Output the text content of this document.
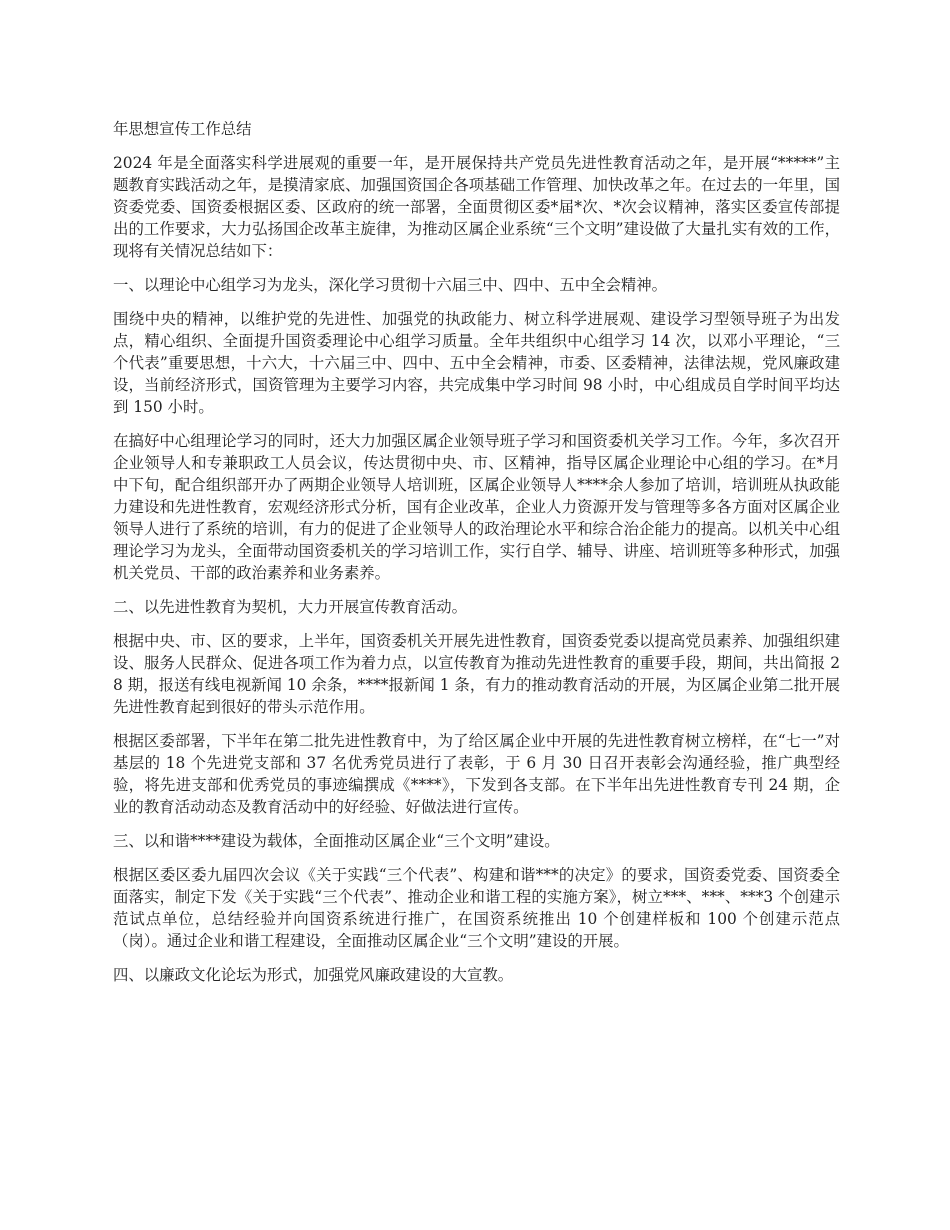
年思想宣传工作总结
2024 年是全面落实科学进展观的重要一年，是开展保持共产党员先进性教育活动之年，是开展“*****”主题教育实践活动之年，是摸清家底、加强国资国企各项基础工作管理、加快改革之年。在过去的一年里，国资委党委、国资委根据区委、区政府的统一部署，全面贯彻区委*届*次、*次会议精神，落实区委宣传部提出的工作要求，大力弘扬国企改革主旋律，为推动区属企业系统“三个文明”建设做了大量扎实有效的工作，现将有关情况总结如下：
一、以理论中心组学习为龙头，深化学习贯彻十六届三中、四中、五中全会精神。
围绕中央的精神，以维护党的先进性、加强党的执政能力、树立科学进展观、建设学习型领导班子为出发点，精心组织、全面提升国资委理论中心组学习质量。全年共组织中心组学习 14 次，以邓小平理论，“三个代表”重要思想，十六大，十六届三中、四中、五中全会精神，市委、区委精神，法律法规，党风廉政建设，当前经济形式，国资管理为主要学习内容，共完成集中学习时间 98 小时，中心组成员自学时间平均达到 150 小时。
在搞好中心组理论学习的同时，还大力加强区属企业领导班子学习和国资委机关学习工作。今年，多次召开企业领导人和专兼职政工人员会议，传达贯彻中央、市、区精神，指导区属企业理论中心组的学习。在*月中下旬，配合组织部开办了两期企业领导人培训班，区属企业领导人****余人参加了培训，培训班从执政能力建设和先进性教育，宏观经济形式分析，国有企业改革，企业人力资源开发与管理等多各方面对区属企业领导人进行了系统的培训，有力的促进了企业领导人的政治理论水平和综合治企能力的提高。以机关中心组理论学习为龙头，全面带动国资委机关的学习培训工作，实行自学、辅导、讲座、培训班等多种形式，加强机关党员、干部的政治素养和业务素养。
二、以先进性教育为契机，大力开展宣传教育活动。
根据中央、市、区的要求，上半年，国资委机关开展先进性教育，国资委党委以提高党员素养、加强组织建设、服务人民群众、促进各项工作为着力点，以宣传教育为推动先进性教育的重要手段，期间，共出简报 28 期，报送有线电视新闻 10 余条，****报新闻 1 条，有力的推动教育活动的开展，为区属企业第二批开展先进性教育起到很好的带头示范作用。
根据区委部署，下半年在第二批先进性教育中，为了给区属企业中开展的先进性教育树立榜样，在“七一”对基层的 18 个先进党支部和 37 名优秀党员进行了表彰，于 6 月 30 日召开表彰会沟通经验，推广典型经验，将先进支部和优秀党员的事迹编撰成《****》，下发到各支部。在下半年出先进性教育专刊 24 期，企业的教育活动动态及教育活动中的好经验、好做法进行宣传。
三、以和谐****建设为载体，全面推动区属企业“三个文明”建设。
根据区委区委九届四次会议《关于实践“三个代表”、构建和谐***的决定》的要求，国资委党委、国资委全面落实，制定下发《关于实践“三个代表”、推动企业和谐工程的实施方案》，树立***、***、***3 个创建示范试点单位，总结经验并向国资系统进行推广，在国资系统推出 10 个创建样板和 100 个创建示范点（岗）。通过企业和谐工程建设，全面推动区属企业“三个文明”建设的开展。
四、以廉政文化论坛为形式，加强党风廉政建设的大宣教。
